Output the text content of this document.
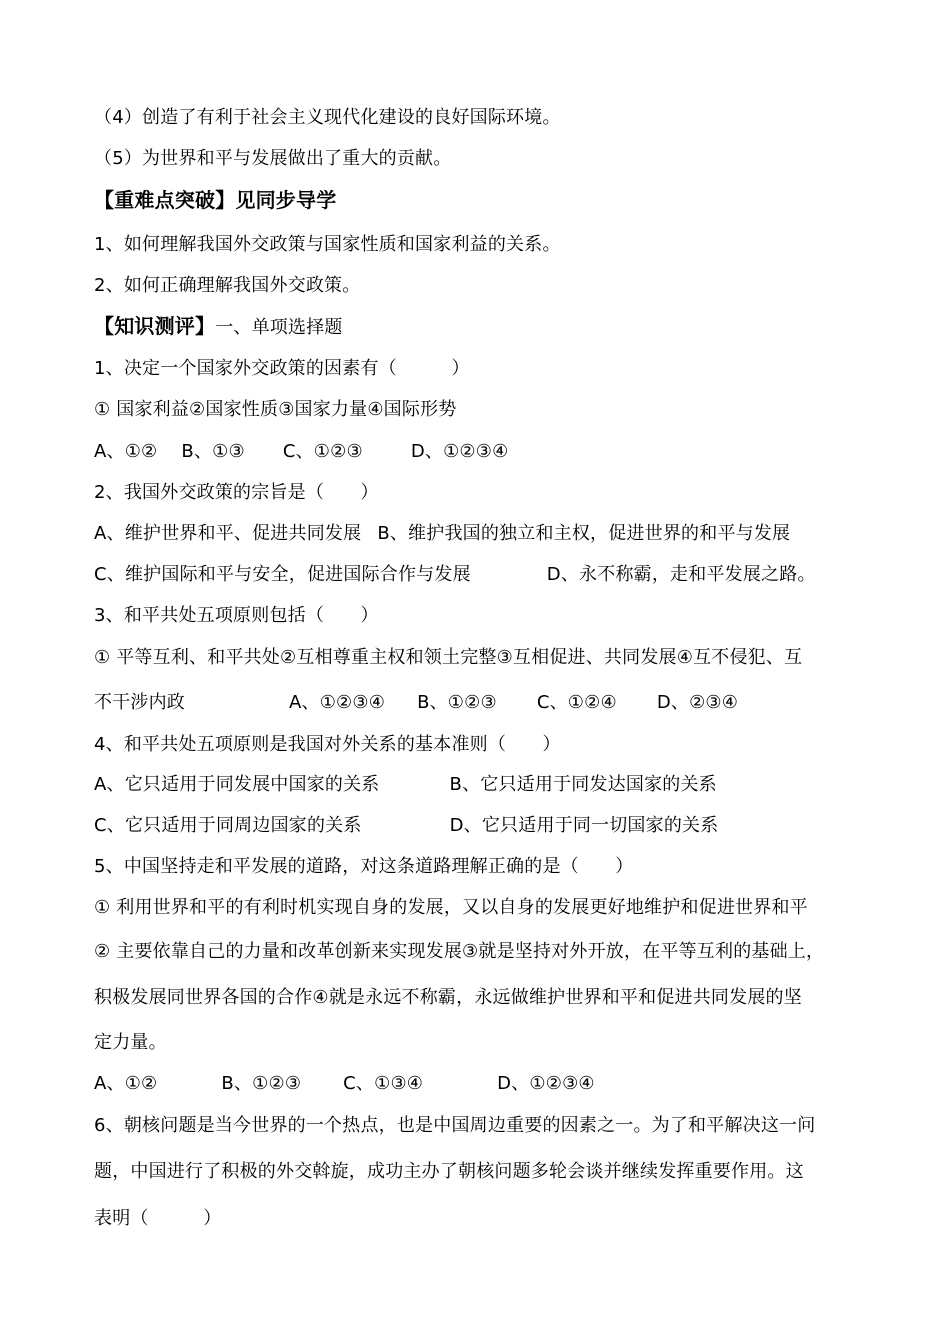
（4）创造了有利于社会主义现代化建设的良好国际环境。
（5）为世界和平与发展做出了重大的贡献。
【重难点突破】见同步导学
1、如何理解我国外交政策与国家性质和国家利益的关系。
2、如何正确理解我国外交政策。
【知识测评】一、单项选择题
1、决定一个国家外交政策的因素有（　　　）
① 国家利益②国家性质③国家力量④国际形势
A、①② B、①③ C、①②③	D、①②③④
2、我国外交政策的宗旨是（　　）
A、维护世界和平、促进共同发展 B、维护我国的独立和主权，促进世界的和平与发展
C、维护国际和平与安全，促进国际合作与发展	D、永不称霸，走和平发展之路。
3、和平共处五项原则包括（　　）
① 平等互利、和平共处②互相尊重主权和领土完整③互相促进、共同发展④互不侵犯、互
不干涉内政	A、①②③④ B、①②③ C、①②④ D、②③④
4、和平共处五项原则是我国对外关系的基本准则（　　）
A、它只适用于同发展中国家的关系	B、它只适用于同发达国家的关系
C、它只适用于同周边国家的关系	D、它只适用于同一切国家的关系
5、中国坚持走和平发展的道路，对这条道路理解正确的是（　　）
① 利用世界和平的有利时机实现自身的发展，又以自身的发展更好地维护和促进世界和平
② 主要依靠自己的力量和改革创新来实现发展③就是坚持对外开放，在平等互利的基础上，
积极发展同世界各国的合作④就是永远不称霸，永远做维护世界和平和促进共同发展的坚
定力量。
A、①②	B、①②③ C、①③④	D、①②③④
6、朝核问题是当今世界的一个热点，也是中国周边重要的因素之一。为了和平解决这一问
题，中国进行了积极的外交斡旋，成功主办了朝核问题多轮会谈并继续发挥重要作用。这
表明（　　　）
